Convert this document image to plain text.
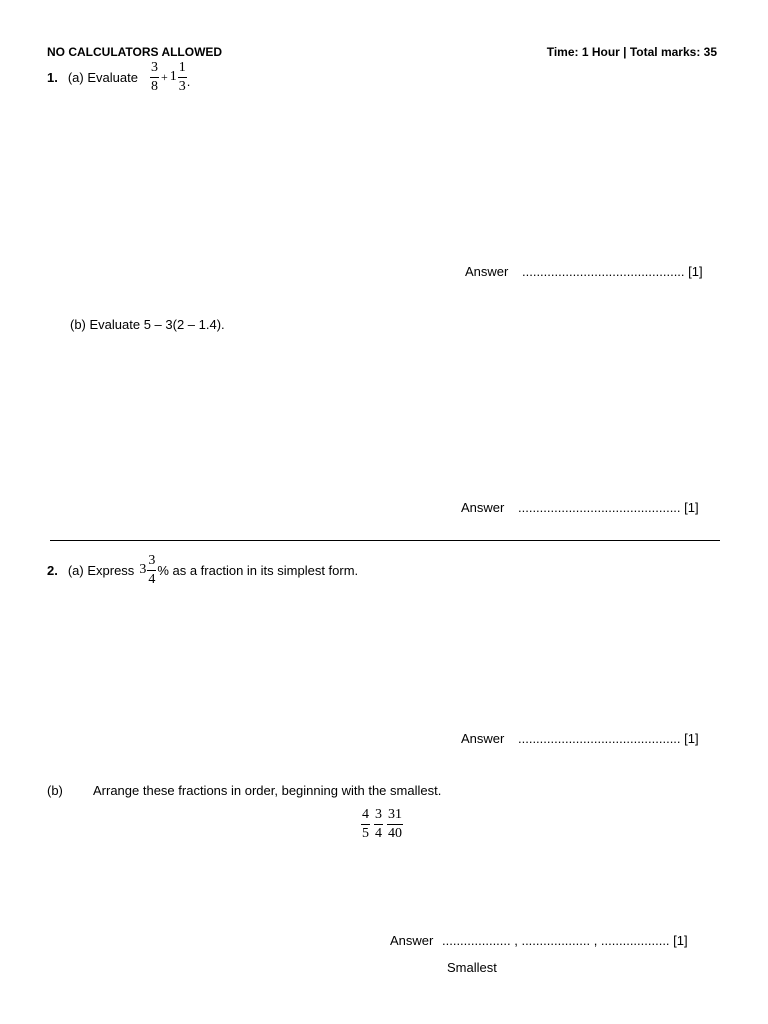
NO CALCULATORS ALLOWED	Time: 1 Hour | Total marks: 35
1. (a) Evaluate $\frac{3}{8} + 1 \frac{1}{3}$ .
Answer ............................................. [1]
(b) Evaluate 5 – 3(2 – 1.4).
Answer ............................................. [1]
2. (a) Express $3 \frac{3}{4}$ % as a fraction in its simplest form.
Answer ............................................. [1]
(b) Arrange these fractions in order, beginning with the smallest.
$\frac{4}{5} \frac{3}{4} \frac{31}{40}$
Answer ................... , ................... , ................... [1]
Smallest
